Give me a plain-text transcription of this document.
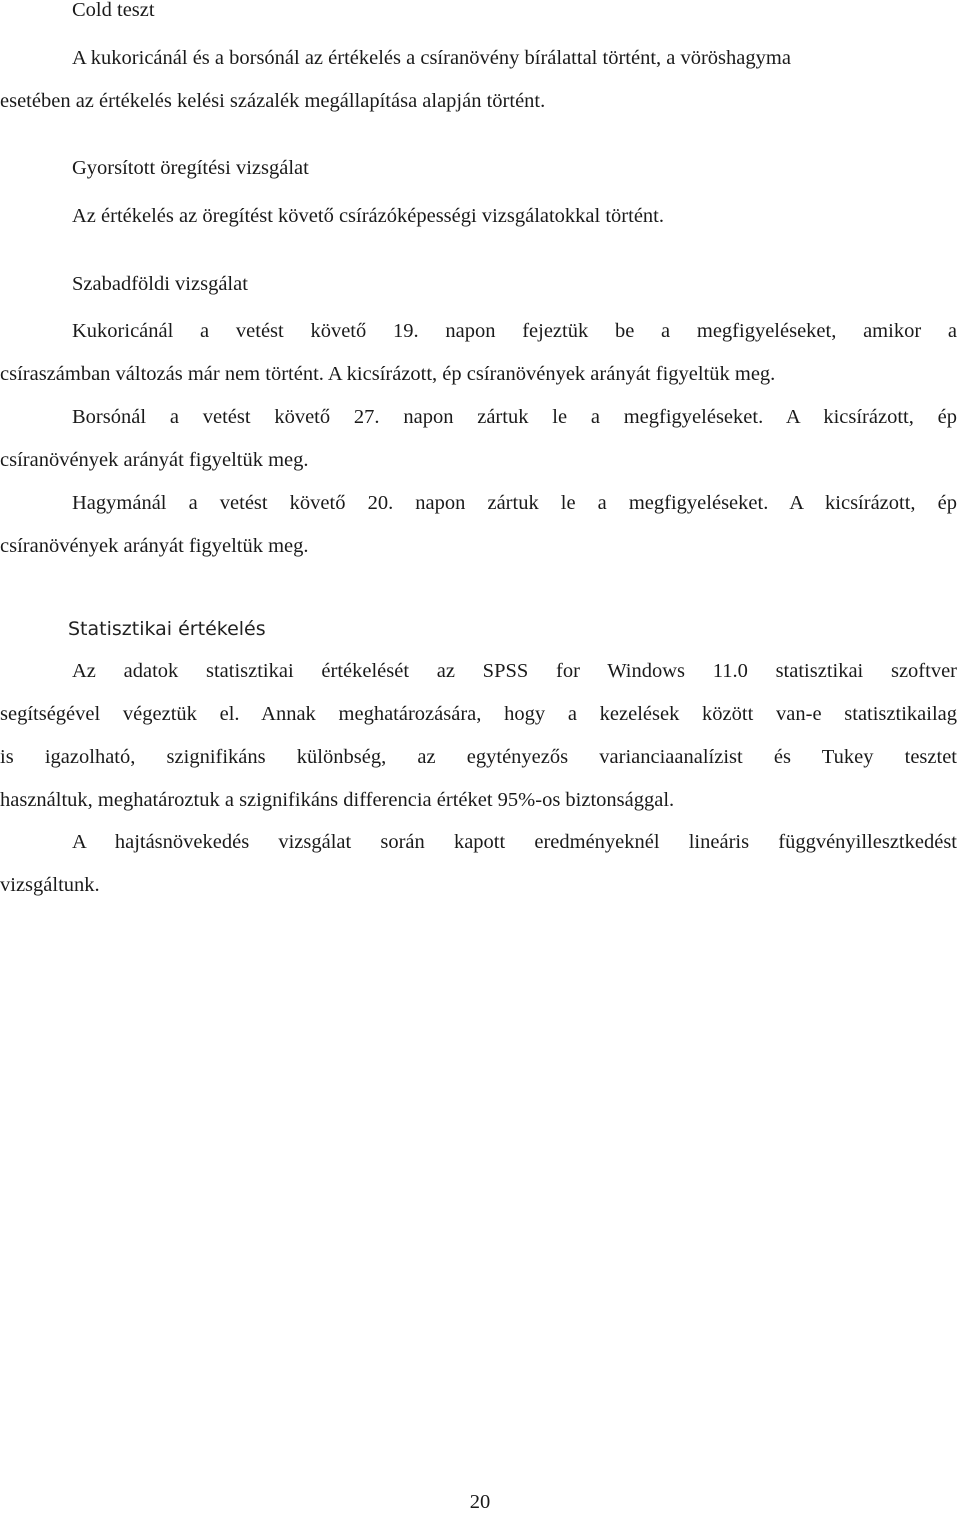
Cold teszt
A kukoricánál és a borsónál az értékelés a csíranövény bírálattal történt, a vöröshagyma
esetében az értékelés kelési százalék megállapítása alapján történt.
Gyorsított öregítési vizsgálat
Az értékelés az öregítést követő csírázóképességi vizsgálatokkal történt.
Szabadföldi vizsgálat
Kukoricánál a vetést követő 19. napon fejeztük be a megfigyeléseket, amikor a
csíraszámban változás már nem történt. A kicsírázott, ép csíranövények arányát figyeltük meg.
Borsónál a vetést követő 27. napon zártuk le a megfigyeléseket. A kicsírázott, ép
csíranövények arányát figyeltük meg.
Hagymánál a vetést követő 20. napon zártuk le a megfigyeléseket. A kicsírázott, ép
csíranövények arányát figyeltük meg.
Statisztikai értékelés
Az adatok statisztikai értékelését az SPSS for Windows 11.0 statisztikai szoftver
segítségével végeztük el. Annak meghatározására, hogy a kezelések között van-e statisztikailag
is igazolható, szignifikáns különbség, az egytényezős varianciaanalízist és Tukey tesztet
használtuk, meghatároztuk a szignifikáns differencia értéket 95%-os biztonsággal.
A hajtásnövekedés vizsgálat során kapott eredményeknél lineáris függvényillesztkedést
vizsgáltunk.
20
